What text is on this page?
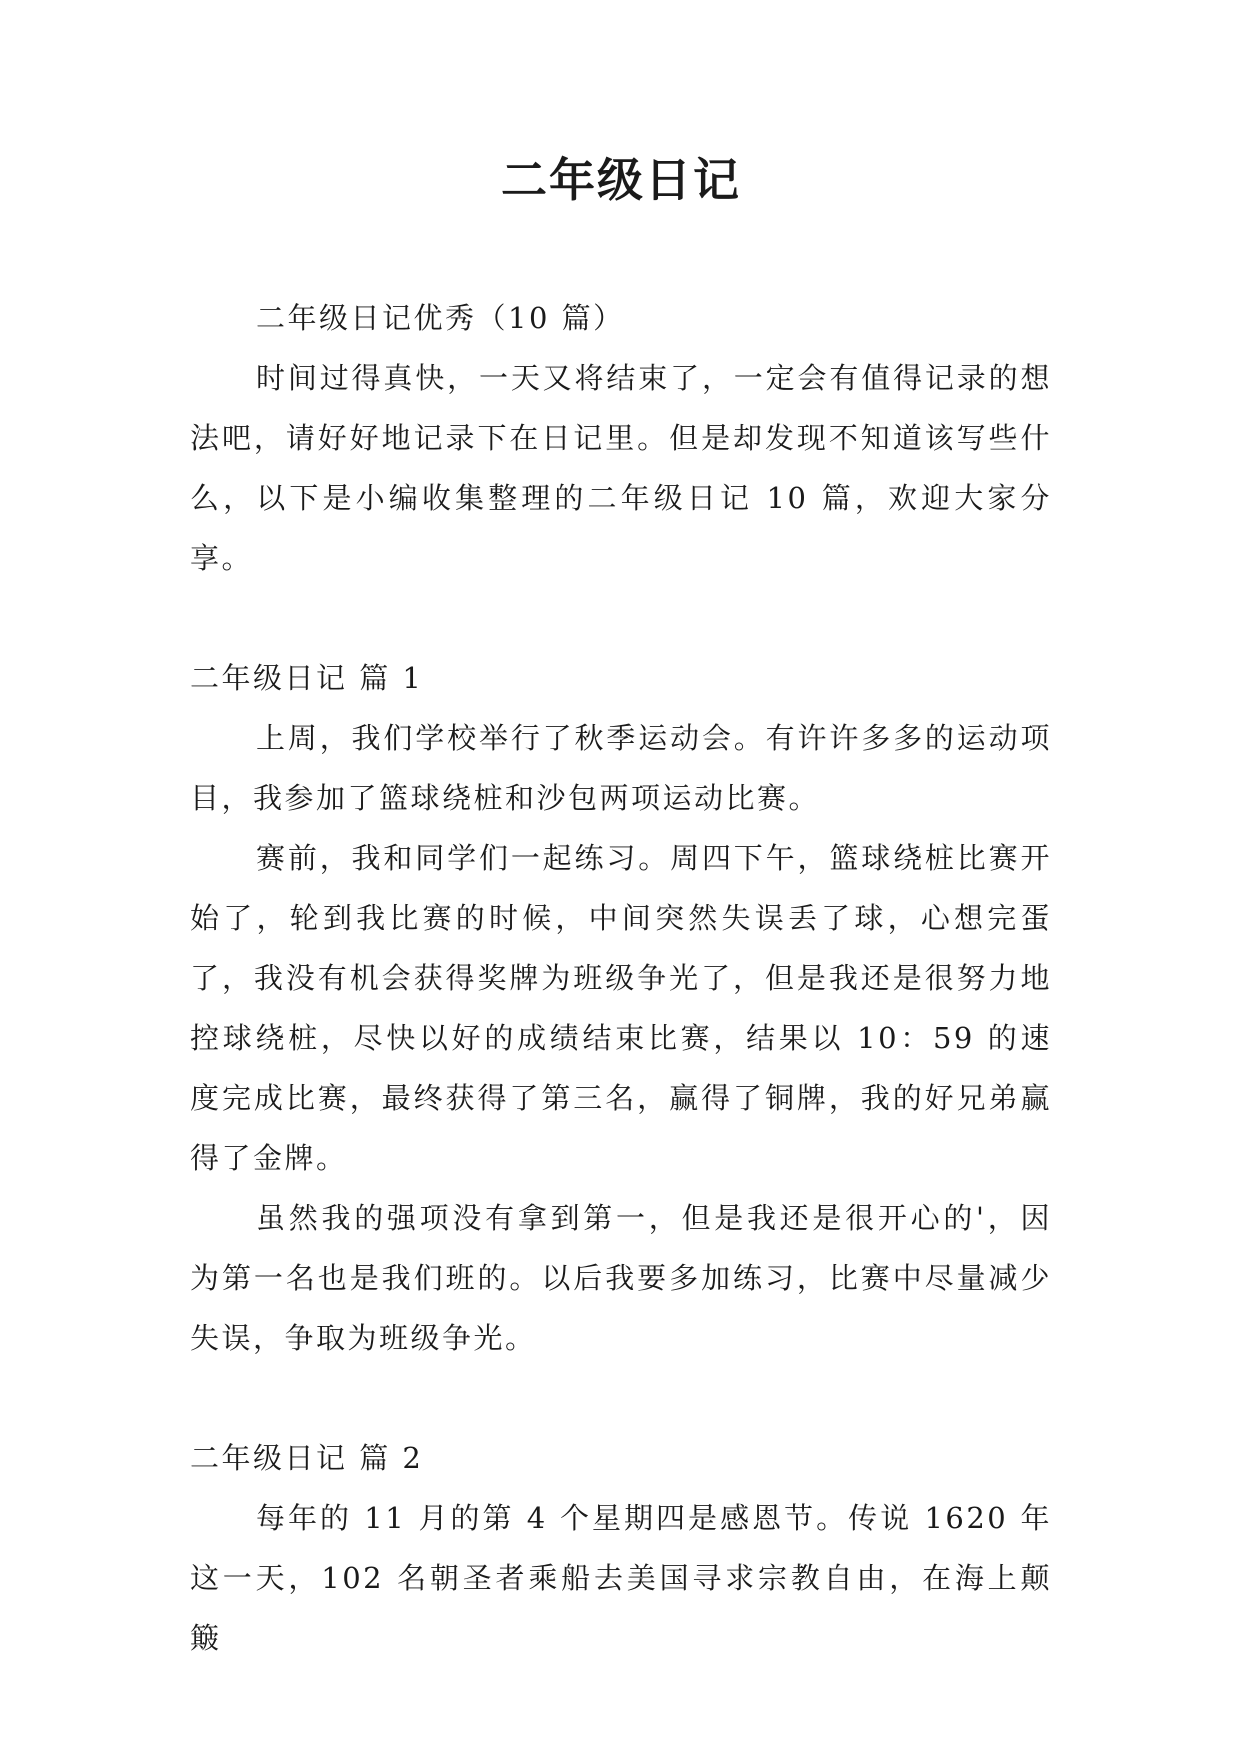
二年级日记

二年级日记优秀（10 篇）

时间过得真快，一天又将结束了，一定会有值得记录的想法吧，请好好地记录下在日记里。但是却发现不知道该写些什么，以下是小编收集整理的二年级日记 10 篇，欢迎大家分享。

二年级日记 篇 1

上周，我们学校举行了秋季运动会。有许许多多的运动项目，我参加了篮球绕桩和沙包两项运动比赛。

赛前，我和同学们一起练习。周四下午，篮球绕桩比赛开始了，轮到我比赛的时候，中间突然失误丢了球，心想完蛋了，我没有机会获得奖牌为班级争光了，但是我还是很努力地控球绕桩，尽快以好的成绩结束比赛，结果以 10：59 的速度完成比赛，最终获得了第三名，赢得了铜牌，我的好兄弟赢得了金牌。

虽然我的强项没有拿到第一，但是我还是很开心的'，因为第一名也是我们班的。以后我要多加练习，比赛中尽量减少失误，争取为班级争光。

二年级日记 篇 2

每年的 11 月的第 4 个星期四是感恩节。传说 1620 年这一天，102 名朝圣者乘船去美国寻求宗教自由，在海上颠簸
